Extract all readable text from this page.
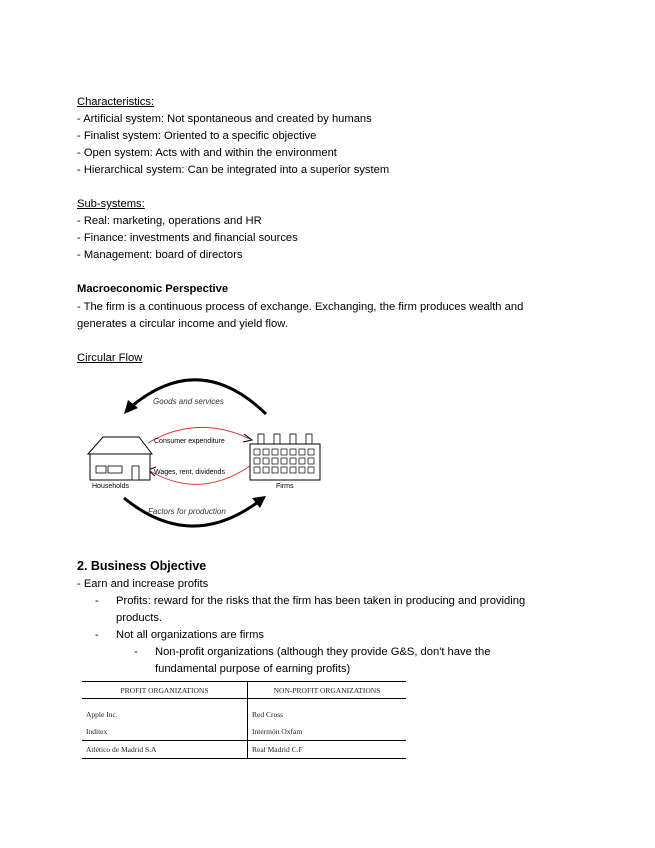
Characteristics:
- Artificial system: Not spontaneous and created by humans
- Finalist system: Oriented to a specific objective
- Open system: Acts with and within the environment
- Hierarchical system: Can be integrated into a superior system
Sub-systems:
- Real: marketing, operations and HR
- Finance: investments and financial sources
- Management: board of directors
Macroeconomic Perspective
- The firm is a continuous process of exchange. Exchanging, the firm produces wealth and
generates a circular income and yield flow.
Circular Flow
Goods and services
Factors for production
Consumer expenditure
Wages, rent, dividends
Households	Firms
2. Business Objective
- Earn and increase profits
- Profits: reward for the risks that the firm has been taken in producing and providing
products.
- Not all organizations are firms
- Non-profit organizations (although they provide G&S, don't have the
fundamental purpose of earning profits)
PROFIT ORGANIZATIONS	NON-PROFIT ORGANIZATIONS
Apple Inc.	Red Cross
Inditex	Intermón Oxfam
Atlético de Madrid S.A	Real Madrid C.F
